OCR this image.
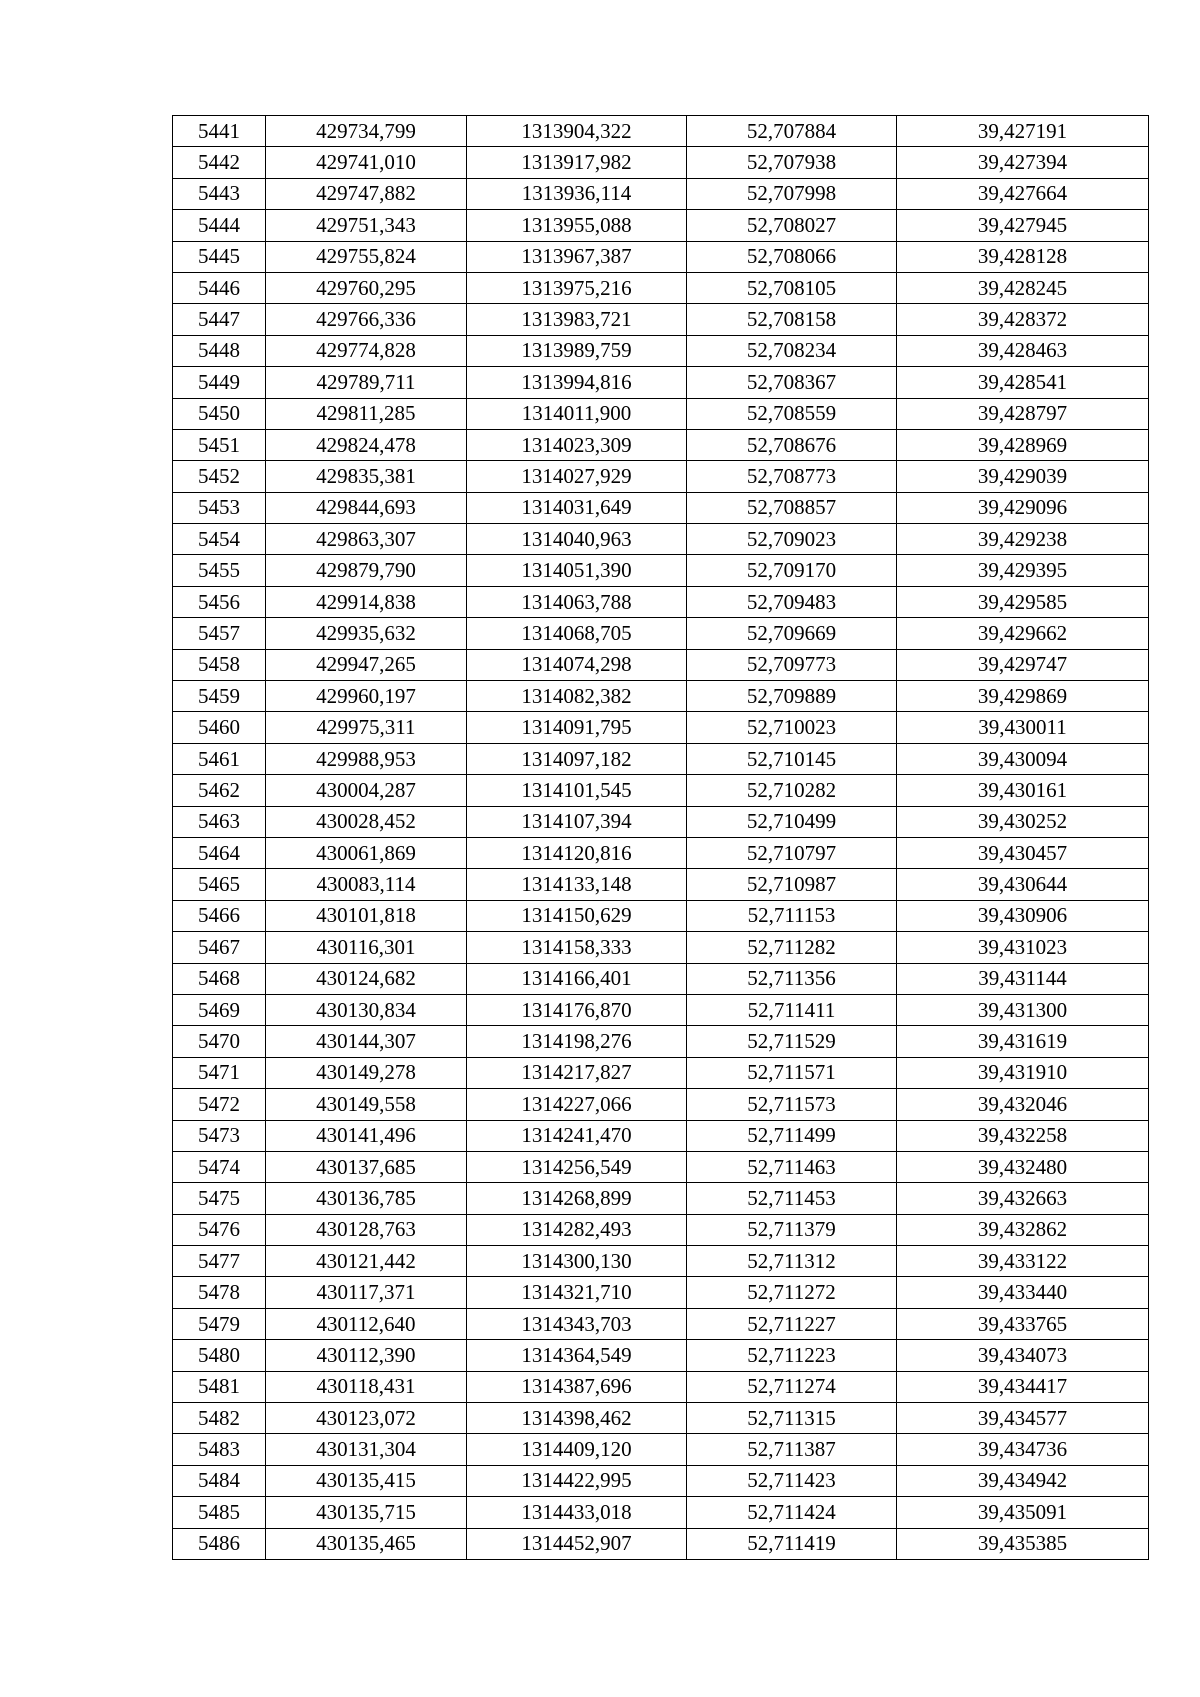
5441	429734,799	1313904,322	52,707884	39,427191
5442	429741,010	1313917,982	52,707938	39,427394
5443	429747,882	1313936,114	52,707998	39,427664
5444	429751,343	1313955,088	52,708027	39,427945
5445	429755,824	1313967,387	52,708066	39,428128
5446	429760,295	1313975,216	52,708105	39,428245
5447	429766,336	1313983,721	52,708158	39,428372
5448	429774,828	1313989,759	52,708234	39,428463
5449	429789,711	1313994,816	52,708367	39,428541
5450	429811,285	1314011,900	52,708559	39,428797
5451	429824,478	1314023,309	52,708676	39,428969
5452	429835,381	1314027,929	52,708773	39,429039
5453	429844,693	1314031,649	52,708857	39,429096
5454	429863,307	1314040,963	52,709023	39,429238
5455	429879,790	1314051,390	52,709170	39,429395
5456	429914,838	1314063,788	52,709483	39,429585
5457	429935,632	1314068,705	52,709669	39,429662
5458	429947,265	1314074,298	52,709773	39,429747
5459	429960,197	1314082,382	52,709889	39,429869
5460	429975,311	1314091,795	52,710023	39,430011
5461	429988,953	1314097,182	52,710145	39,430094
5462	430004,287	1314101,545	52,710282	39,430161
5463	430028,452	1314107,394	52,710499	39,430252
5464	430061,869	1314120,816	52,710797	39,430457
5465	430083,114	1314133,148	52,710987	39,430644
5466	430101,818	1314150,629	52,711153	39,430906
5467	430116,301	1314158,333	52,711282	39,431023
5468	430124,682	1314166,401	52,711356	39,431144
5469	430130,834	1314176,870	52,711411	39,431300
5470	430144,307	1314198,276	52,711529	39,431619
5471	430149,278	1314217,827	52,711571	39,431910
5472	430149,558	1314227,066	52,711573	39,432046
5473	430141,496	1314241,470	52,711499	39,432258
5474	430137,685	1314256,549	52,711463	39,432480
5475	430136,785	1314268,899	52,711453	39,432663
5476	430128,763	1314282,493	52,711379	39,432862
5477	430121,442	1314300,130	52,711312	39,433122
5478	430117,371	1314321,710	52,711272	39,433440
5479	430112,640	1314343,703	52,711227	39,433765
5480	430112,390	1314364,549	52,711223	39,434073
5481	430118,431	1314387,696	52,711274	39,434417
5482	430123,072	1314398,462	52,711315	39,434577
5483	430131,304	1314409,120	52,711387	39,434736
5484	430135,415	1314422,995	52,711423	39,434942
5485	430135,715	1314433,018	52,711424	39,435091
5486	430135,465	1314452,907	52,711419	39,435385
